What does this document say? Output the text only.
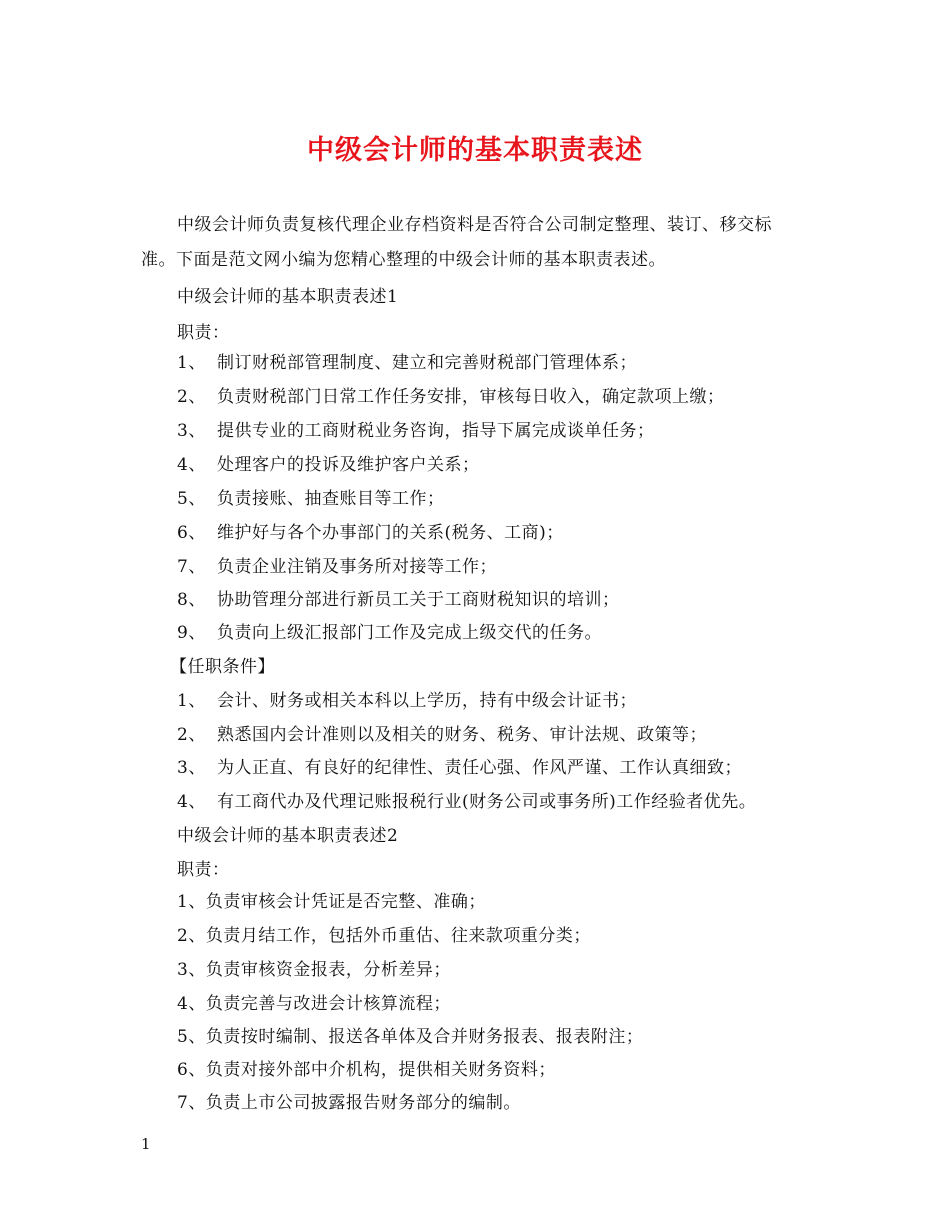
中级会计师的基本职责表述
中级会计师负责复核代理企业存档资料是否符合公司制定整理、装订、移交标
准。下面是范文网小编为您精心整理的中级会计师的基本职责表述。
中级会计师的基本职责表述1
职责：
1、 制订财税部管理制度、建立和完善财税部门管理体系；
2、 负责财税部门日常工作任务安排，审核每日收入，确定款项上缴；
3、 提供专业的工商财税业务咨询，指导下属完成谈单任务；
4、 处理客户的投诉及维护客户关系；
5、 负责接账、抽查账目等工作；
6、 维护好与各个办事部门的关系(税务、工商)；
7、 负责企业注销及事务所对接等工作；
8、 协助管理分部进行新员工关于工商财税知识的培训；
9、 负责向上级汇报部门工作及完成上级交代的任务。
【任职条件】
1、 会计、财务或相关本科以上学历，持有中级会计证书；
2、 熟悉国内会计准则以及相关的财务、税务、审计法规、政策等；
3、 为人正直、有良好的纪律性、责任心强、作风严谨、工作认真细致；
4、 有工商代办及代理记账报税行业(财务公司或事务所)工作经验者优先。
中级会计师的基本职责表述2
职责：
1、负责审核会计凭证是否完整、准确；
2、负责月结工作，包括外币重估、往来款项重分类；
3、负责审核资金报表，分析差异；
4、负责完善与改进会计核算流程；
5、负责按时编制、报送各单体及合并财务报表、报表附注；
6、负责对接外部中介机构，提供相关财务资料；
7、负责上市公司披露报告财务部分的编制。
1
